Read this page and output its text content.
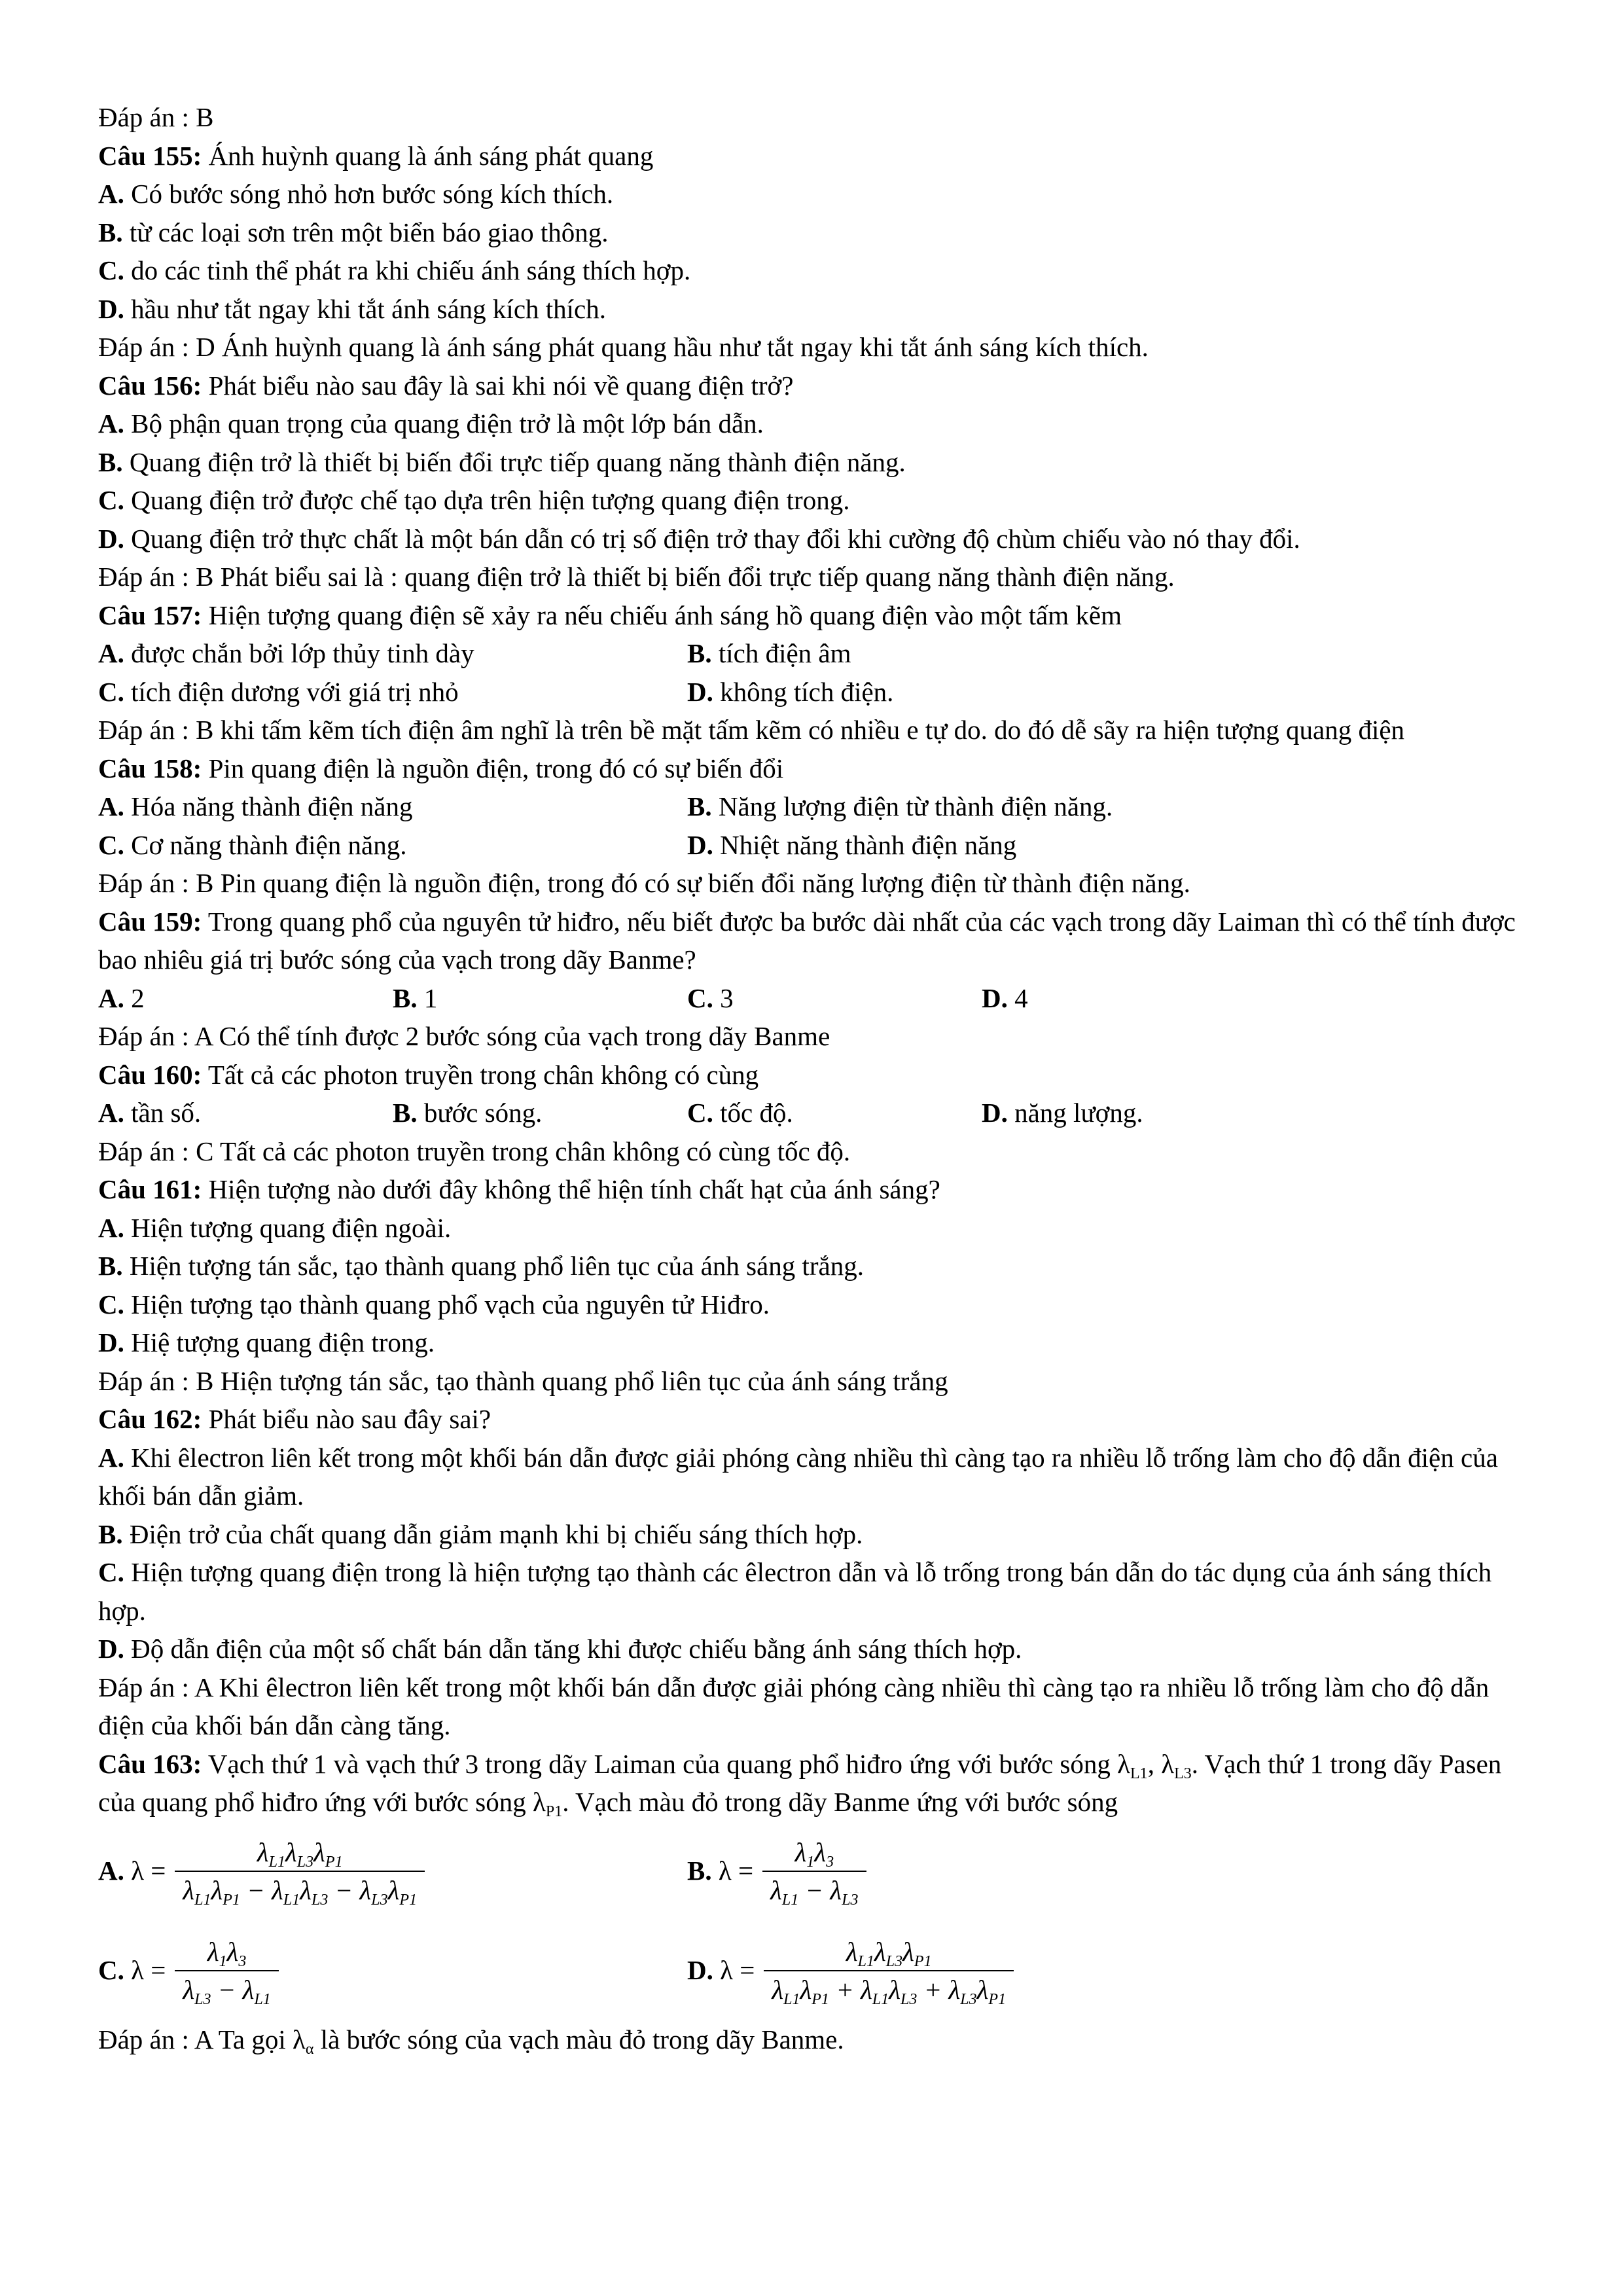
Đáp án : B

Câu 155: Ánh huỳnh quang là ánh sáng phát quang

A. Có bước sóng nhỏ hơn bước sóng kích thích.

B. từ các loại sơn trên một biển báo giao thông.

C. do các tinh thể phát ra khi chiếu ánh sáng thích hợp.

D. hầu như tắt ngay khi tắt ánh sáng kích thích.

Đáp án : D Ánh huỳnh quang là ánh sáng phát quang hầu như tắt ngay khi tắt ánh sáng kích thích.

Câu 156: Phát biểu nào sau đây là sai khi nói về quang điện trở?

A. Bộ phận quan trọng của quang điện trở là một lớp bán dẫn.

B. Quang điện trở là thiết bị biến đổi trực tiếp quang năng thành điện năng.

C. Quang điện trở được chế tạo dựa trên hiện tượng quang điện trong.

D. Quang điện trở thực chất là một bán dẫn có trị số điện trở thay đổi khi cường độ chùm chiếu vào nó thay đổi.

Đáp án : B Phát biểu sai là : quang điện trở là thiết bị biến đổi trực tiếp quang năng thành điện năng.

Câu 157: Hiện tượng quang điện sẽ xảy ra nếu chiếu ánh sáng hồ quang điện vào một tấm kẽm

A. được chắn bởi lớp thủy tinh dày	B. tích điện âm
C. tích điện dương với giá trị nhỏ	D. không tích điện.

Đáp án : B khi tấm kẽm tích điện âm nghĩ là trên bề mặt tấm kẽm có nhiều e tự do. do đó dễ sãy ra hiện tượng quang điện

Câu 158: Pin quang điện là nguồn điện, trong đó có sự biến đổi

A. Hóa năng thành điện năng	B. Năng lượng điện từ thành điện năng.
C. Cơ năng thành điện năng.	D. Nhiệt năng thành điện năng

Đáp án : B Pin quang điện là nguồn điện, trong đó có sự biến đổi năng lượng điện từ thành điện năng.

Câu 159: Trong quang phổ của nguyên tử hiđro, nếu biết được ba bước dài nhất của các vạch trong dãy Laiman thì có thể tính được bao nhiêu giá trị bước sóng của vạch trong dãy Banme?

A. 2	B. 1	C. 3	D. 4

Đáp án : A Có thể tính được 2 bước sóng của vạch trong dãy Banme

Câu 160: Tất cả các photon truyền trong chân không có cùng

A. tần số.	B. bước sóng.	C. tốc độ.	D. năng lượng.

Đáp án : C Tất cả các photon truyền trong chân không có cùng tốc độ.

Câu 161: Hiện tượng nào dưới đây không thể hiện tính chất hạt của ánh sáng?

A. Hiện tượng quang điện ngoài.

B. Hiện tượng tán sắc, tạo thành quang phổ liên tục của ánh sáng trắng.

C. Hiện tượng tạo thành quang phổ vạch của nguyên tử Hiđro.

D. Hiệ tượng quang điện trong.

Đáp án : B Hiện tượng tán sắc, tạo thành quang phổ liên tục của ánh sáng trắng

Câu 162: Phát biểu nào sau đây sai?

A. Khi êlectron liên kết trong một khối bán dẫn được giải phóng càng nhiều thì càng tạo ra nhiều lỗ trống làm cho độ dẫn điện của khối bán dẫn giảm.

B. Điện trở của chất quang dẫn giảm mạnh khi bị chiếu sáng thích hợp.

C. Hiện tượng quang điện trong là hiện tượng tạo thành các êlectron dẫn và lỗ trống trong bán dẫn do tác dụng của ánh sáng thích hợp.

D. Độ dẫn điện của một số chất bán dẫn tăng khi được chiếu bằng ánh sáng thích hợp.

Đáp án : A Khi êlectron liên kết trong một khối bán dẫn được giải phóng càng nhiều thì càng tạo ra nhiều lỗ trống làm cho độ dẫn điện của khối bán dẫn càng tăng.

Câu 163: Vạch thứ 1 và vạch thứ 3 trong dãy Laiman của quang phổ hiđro ứng với bước sóng $\lambda_{L1}$, $\lambda_{L3}$. Vạch thứ 1 trong dãy Pasen của quang phổ hiđro ứng với bước sóng $\lambda_{P1}$. Vạch màu đỏ trong dãy Banme ứng với bước sóng

A. $\lambda = \frac{\lambda_{L1}\lambda_{L3}\lambda_{P1}}{\lambda_{L1}\lambda_{P1} - \lambda_{L1}\lambda_{L3} - \lambda_{L3}\lambda_{P1}}$	B. $\lambda = \frac{\lambda_1\lambda_3}{\lambda_{L1} - \lambda_{L3}}$
C. $\lambda = \frac{\lambda_1\lambda_3}{\lambda_{L3} - \lambda_{L1}}$	D. $\lambda = \frac{\lambda_{L1}\lambda_{L3}\lambda_{P1}}{\lambda_{L1}\lambda_{P1} + \lambda_{L1}\lambda_{L3} + \lambda_{L3}\lambda_{P1}}$

Đáp án : A Ta gọi $\lambda_\alpha$ là bước sóng của vạch màu đỏ trong dãy Banme.
